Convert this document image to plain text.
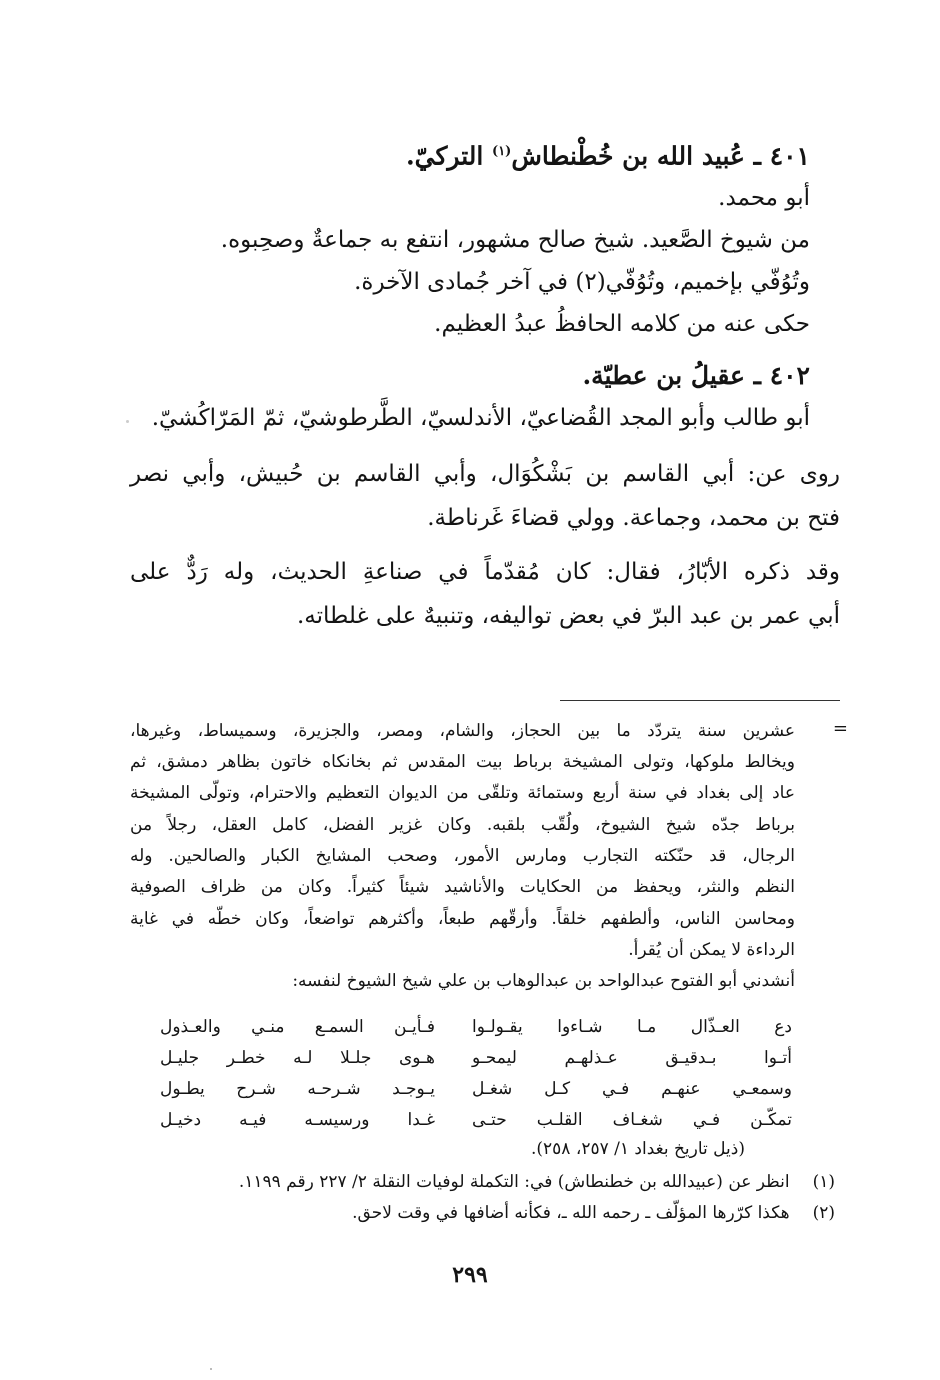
٤٠١ ـ عُبيد الله بن خُطْنطاش$^{(١)}$ التركيّ.
أبو محمد.
من شيوخ الصَّعيد. شيخ صالح مشهور، انتفع به جماعةٌ وصحِبوه.
وتُوُفّي بإخميم، وتُوُفّي(٢) في آخر جُمادى الآخرة.
حكى عنه من كلامه الحافظُ عبدُ العظيم.
٤٠٢ ـ عقيلُ بن عطيّة.
أبو طالب وأبو المجد القُضاعيّ، الأندلسيّ، الطَّرطوشيّ، ثمّ المَرّاكُشيّ.
روى عن: أبي القاسم بن بَشْكُوَال، وأبي القاسم بن حُبيش، وأبي نصر
فتح بن محمد، وجماعة. وولي قضاءَ غَرناطة.
وقد ذكره الأبّارُ، فقال: كان مُقدّماً في صناعةِ الحديث، وله رَدٌّ على
أبي عمر بن عبد البرّ في بعض تواليفه، وتنبيهٌ على غلطاته.
=
عشرين سنة يتردّد ما بين الحجاز، والشام، ومصر، والجزيرة، وسميساط، وغيرها،
ويخالط ملوكها، وتولى المشيخة برباط بيت المقدس ثم بخانكاه خاتون بظاهر دمشق، ثم
عاد إلى بغداد في سنة أربع وستمائة وتلقّى من الديوان التعظيم والاحترام، وتولّى المشيخة
برباط جدّه شيخ الشيوخ، ولُقّب بلقبه. وكان غزير الفضل، كامل العقل، رجلاً من
الرجال، قد حنّكته التجارب ومارس الأمور، وصحب المشايخ الكبار والصالحين. وله
النظم والنثر، ويحفظ من الحكايات والأناشيد شيئاً كثيراً. وكان من ظراف الصوفية
ومحاسن الناس، وألطفهم خلقاً. وأرقّهم طبعاً، وأكثرهم تواضعاً، وكان خطّه في غاية
الرداءة لا يمكن أن يُقرأ.
أنشدني أبو الفتوح عبدالواحد بن عبدالوهاب بن علي شيخ الشيوخ لنفسه:
دع العـذّال مـا شـاءوا يقـولـوا
فـأيـن السمـع منـي والعـذول
أتـوا بـدقيـق عـذلهـم ليمحـو
هـوى جلـلا لـه خطـر جليـل
وسمعـي عنهـم فـي كـل شغـل
يـوجـد شـرحـه شـرح يطـول
تمكّـن فـي شغـاف القلـب حتـى
غـدا ورسيسـه فيـه دخيـل
(ذيل تاريخ بغداد ١/ ٢٥٧، ٢٥٨).
(١) انظر عن (عبيدالله بن خطنطاش) في: التكملة لوفيات النقلة ٢/ ٢٢٧ رقم ١١٩٩.
(٢) هكذا كرّرها المؤلّف ـ رحمه الله ـ، فكأنه أضافها في وقت لاحق.
٢٩٩
